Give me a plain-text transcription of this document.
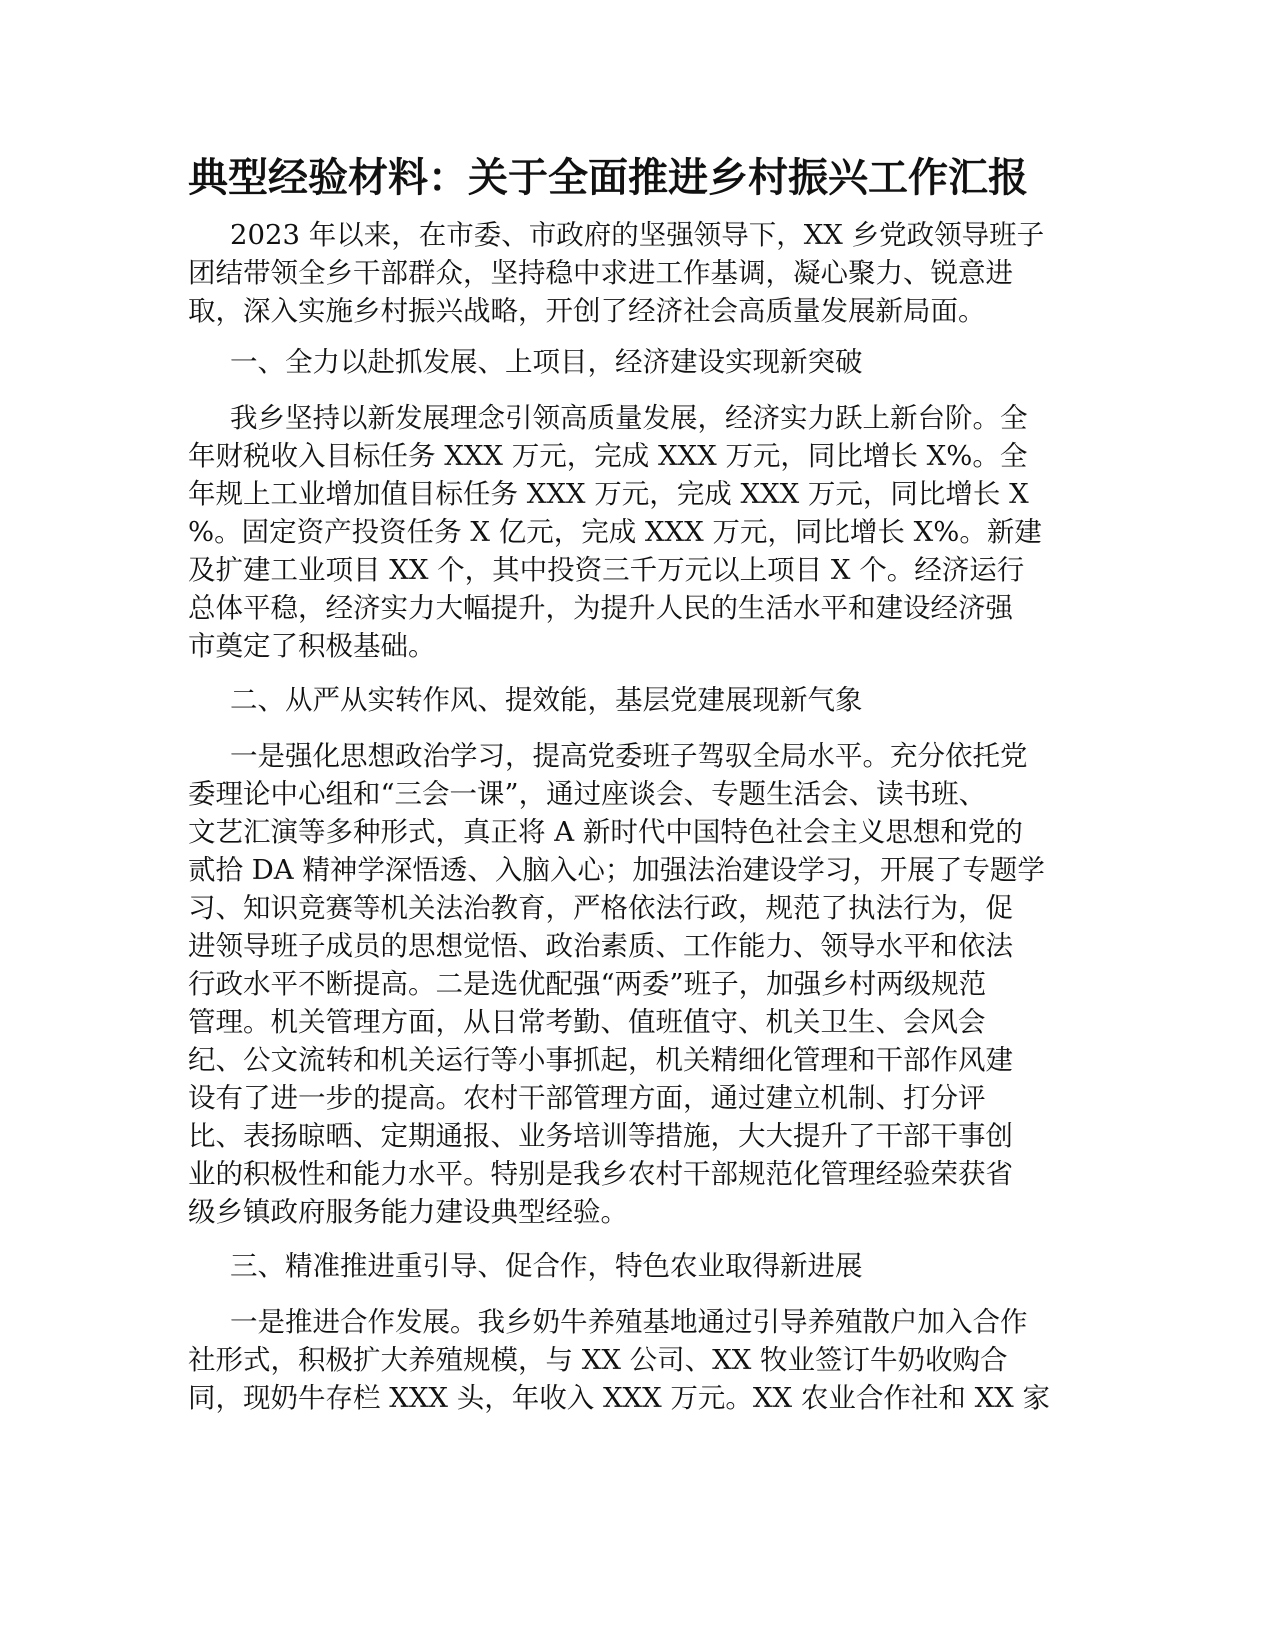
典型经验材料：关于全面推进乡村振兴工作汇报
2023 年以来，在市委、市政府的坚强领导下，XX 乡党政领导班子
团结带领全乡干部群众，坚持稳中求进工作基调，凝心聚力、锐意进
取，深入实施乡村振兴战略，开创了经济社会高质量发展新局面。
一、全力以赴抓发展、上项目，经济建设实现新突破
我乡坚持以新发展理念引领高质量发展，经济实力跃上新台阶。全
年财税收入目标任务 XXX 万元，完成 XXX 万元，同比增长 X%。全
年规上工业增加值目标任务 XXX 万元，完成 XXX 万元，同比增长 X
%。固定资产投资任务 X 亿元，完成 XXX 万元，同比增长 X%。新建
及扩建工业项目 XX 个，其中投资三千万元以上项目 X 个。经济运行
总体平稳，经济实力大幅提升，为提升人民的生活水平和建设经济强
市奠定了积极基础。
二、从严从实转作风、提效能，基层党建展现新气象
一是强化思想政治学习，提高党委班子驾驭全局水平。充分依托党
委理论中心组和“三会一课”，通过座谈会、专题生活会、读书班、
文艺汇演等多种形式，真正将 A 新时代中国特色社会主义思想和党的
贰拾 DA 精神学深悟透、入脑入心；加强法治建设学习，开展了专题学
习、知识竞赛等机关法治教育，严格依法行政，规范了执法行为，促
进领导班子成员的思想觉悟、政治素质、工作能力、领导水平和依法
行政水平不断提高。二是选优配强“两委”班子，加强乡村两级规范
管理。机关管理方面，从日常考勤、值班值守、机关卫生、会风会
纪、公文流转和机关运行等小事抓起，机关精细化管理和干部作风建
设有了进一步的提高。农村干部管理方面，通过建立机制、打分评
比、表扬晾晒、定期通报、业务培训等措施，大大提升了干部干事创
业的积极性和能力水平。特别是我乡农村干部规范化管理经验荣获省
级乡镇政府服务能力建设典型经验。
三、精准推进重引导、促合作，特色农业取得新进展
一是推进合作发展。我乡奶牛养殖基地通过引导养殖散户加入合作
社形式，积极扩大养殖规模，与 XX 公司、XX 牧业签订牛奶收购合
同，现奶牛存栏 XXX 头，年收入 XXX 万元。XX 农业合作社和 XX 家
